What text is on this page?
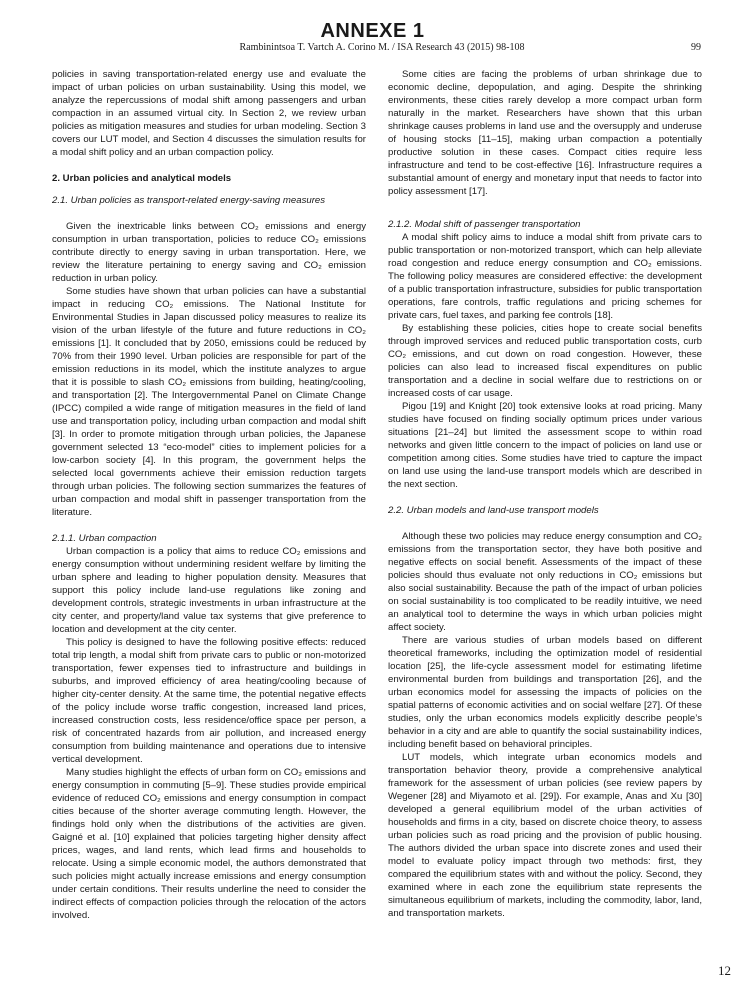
ANNEXE 1
Rambinintsoa T. Vartch A. Corino M. / ISA Research 43 (2015) 98-108	99

policies in saving transportation-related energy use and evaluate the impact of urban policies on urban sustainability. Using this model, we analyze the repercussions of modal shift among passengers and urban compaction in an assumed virtual city. In Section 2, we review urban policies as mitigation measures and studies for urban modeling. Section 3 covers our LUT model, and Section 4 discusses the simulation results for a modal shift policy and an urban compaction policy.

2. Urban policies and analytical models
2.1. Urban policies as transport-related energy-saving measures

Given the inextricable links between CO₂ emissions and energy consumption in urban transportation, policies to reduce CO₂ emissions contribute directly to energy saving in urban transportation. Here, we review the literature pertaining to energy saving and CO₂ emission reduction in urban policy.

Some studies have shown that urban policies can have a substantial impact in reducing CO₂ emissions. The National Institute for Environmental Studies in Japan discussed policy measures to realize its vision of the urban lifestyle of the future and future reductions in CO₂ emissions [1]. It concluded that by 2050, emissions could be reduced by 70% from their 1990 level. Urban policies are responsible for part of the emission reductions in its model, which the institute analyzes to argue that it is possible to slash CO₂ emissions from building, heating/cooling, and transportation [2]. The Intergovernmental Panel on Climate Change (IPCC) compiled a wide range of mitigation measures in the field of land use and transportation policy, including urban compaction and modal shift [3]. In order to promote mitigation through urban policies, the Japanese government selected 13 “eco-model” cities to implement policies for a low-carbon society [4]. In this program, the government helps the selected local governments achieve their emission reduction targets through urban policies. The following section summarizes the features of urban compaction and modal shift in passenger transportation from the literature.

2.1.1. Urban compaction

Urban compaction is a policy that aims to reduce CO₂ emissions and energy consumption without undermining resident welfare by limiting the urban sphere and leading to higher population density. Measures that support this policy include land-use regulations like zoning and development controls, strategic investments in urban infrastructure at the city center, and property/land value tax systems that give preference to location and development at the city center.

This policy is designed to have the following positive effects: reduced total trip length, a modal shift from private cars to public or non-motorized transportation, fewer expenses tied to infrastructure and buildings in suburbs, and improved efficiency of area heating/cooling because of higher city-center density. At the same time, the potential negative effects of the policy include worse traffic congestion, increased land prices, increased construction costs, less residence/office space per person, a risk of concentrated hazards from air pollution, and increased energy consumption from building maintenance and operations due to intensive vertical development.

Many studies highlight the effects of urban form on CO₂ emissions and energy consumption in commuting [5–9]. These studies provide empirical evidence of reduced CO₂ emissions and energy consumption in compact cities because of the shorter average commuting length. However, the findings hold only when the distributions of the activities are given. Gaigné et al. [10] explained that policies targeting higher density affect prices, wages, and land rents, which lead firms and households to relocate. Using a simple economic model, the authors demonstrated that such policies might actually increase emissions and energy consumption under certain conditions. Their results underline the need to consider the indirect effects of compaction policies through the relocation of the actors involved.

Some cities are facing the problems of urban shrinkage due to economic decline, depopulation, and aging. Despite the shrinking environments, these cities rarely develop a more compact urban form naturally in the market. Researchers have shown that this urban shrinkage causes problems in land use and the oversupply and underuse of housing stocks [11–15], making urban compaction a potentially productive solution in these cases. Compact cities require less infrastructure and tend to be cost-effective [16]. Infrastructure requires a substantial amount of energy and monetary input that needs to factor into policy assessment [17].

2.1.2. Modal shift of passenger transportation

A modal shift policy aims to induce a modal shift from private cars to public transportation or non-motorized transport, which can help alleviate road congestion and reduce energy consumption and CO₂ emissions. The following policy measures are considered effective: the development of a public transportation infrastructure, subsidies for public transportation operations, fare controls, traffic regulations and pricing schemes for private cars, fuel taxes, and parking fee controls [18].

By establishing these policies, cities hope to create social benefits through improved services and reduced public transportation costs, curb CO₂ emissions, and cut down on road congestion. However, these policies can also lead to increased fiscal expenditures on public transportation and a decline in social welfare due to restrictions on or increased costs of car usage.

Pigou [19] and Knight [20] took extensive looks at road pricing. Many studies have focused on finding socially optimum prices under various situations [21–24] but limited the assessment scope to within road networks and given little concern to the impact of policies on land use or competition among cities. Some studies have tried to capture the impact on land use using the land-use transport models which are described in the next section.

2.2. Urban models and land-use transport models

Although these two policies may reduce energy consumption and CO₂ emissions from the transportation sector, they have both positive and negative effects on social benefit. Assessments of the impact of these policies should thus evaluate not only reductions in CO₂ emissions but also social sustainability. Because the path of the impact of urban policies on social sustainability is too complicated to be readily intuitive, we need an analytical tool to determine the ways in which urban policies might affect society.

There are various studies of urban models based on different theoretical frameworks, including the optimization model of residential location [25], the life-cycle assessment model for estimating lifetime environmental burden from buildings and transportation [26], and the urban economics model for assessing the impacts of policies on the spatial patterns of economic activities and on social welfare [27]. Of these studies, only the urban economics models explicitly describe people’s behavior in a city and are able to quantify the social sustainability indices, including benefit based on behavioral principles.

LUT models, which integrate urban economics models and transportation behavior theory, provide a comprehensive analytical framework for the assessment of urban policies (see review papers by Wegener [28] and Miyamoto et al. [29]). For example, Anas and Xu [30] developed a general equilibrium model of the urban activities of households and firms in a city, based on discrete choice theory, to assess urban policies such as road pricing and the provision of public housing. The authors divided the urban space into discrete zones and used their model to evaluate policy impact through two methods: first, they compared the equilibrium states with and without the policy. Second, they examined where in each zone the equilibrium state represents the simultaneous equilibrium of markets, including the commodity, labor, land, and transportation markets.

12
